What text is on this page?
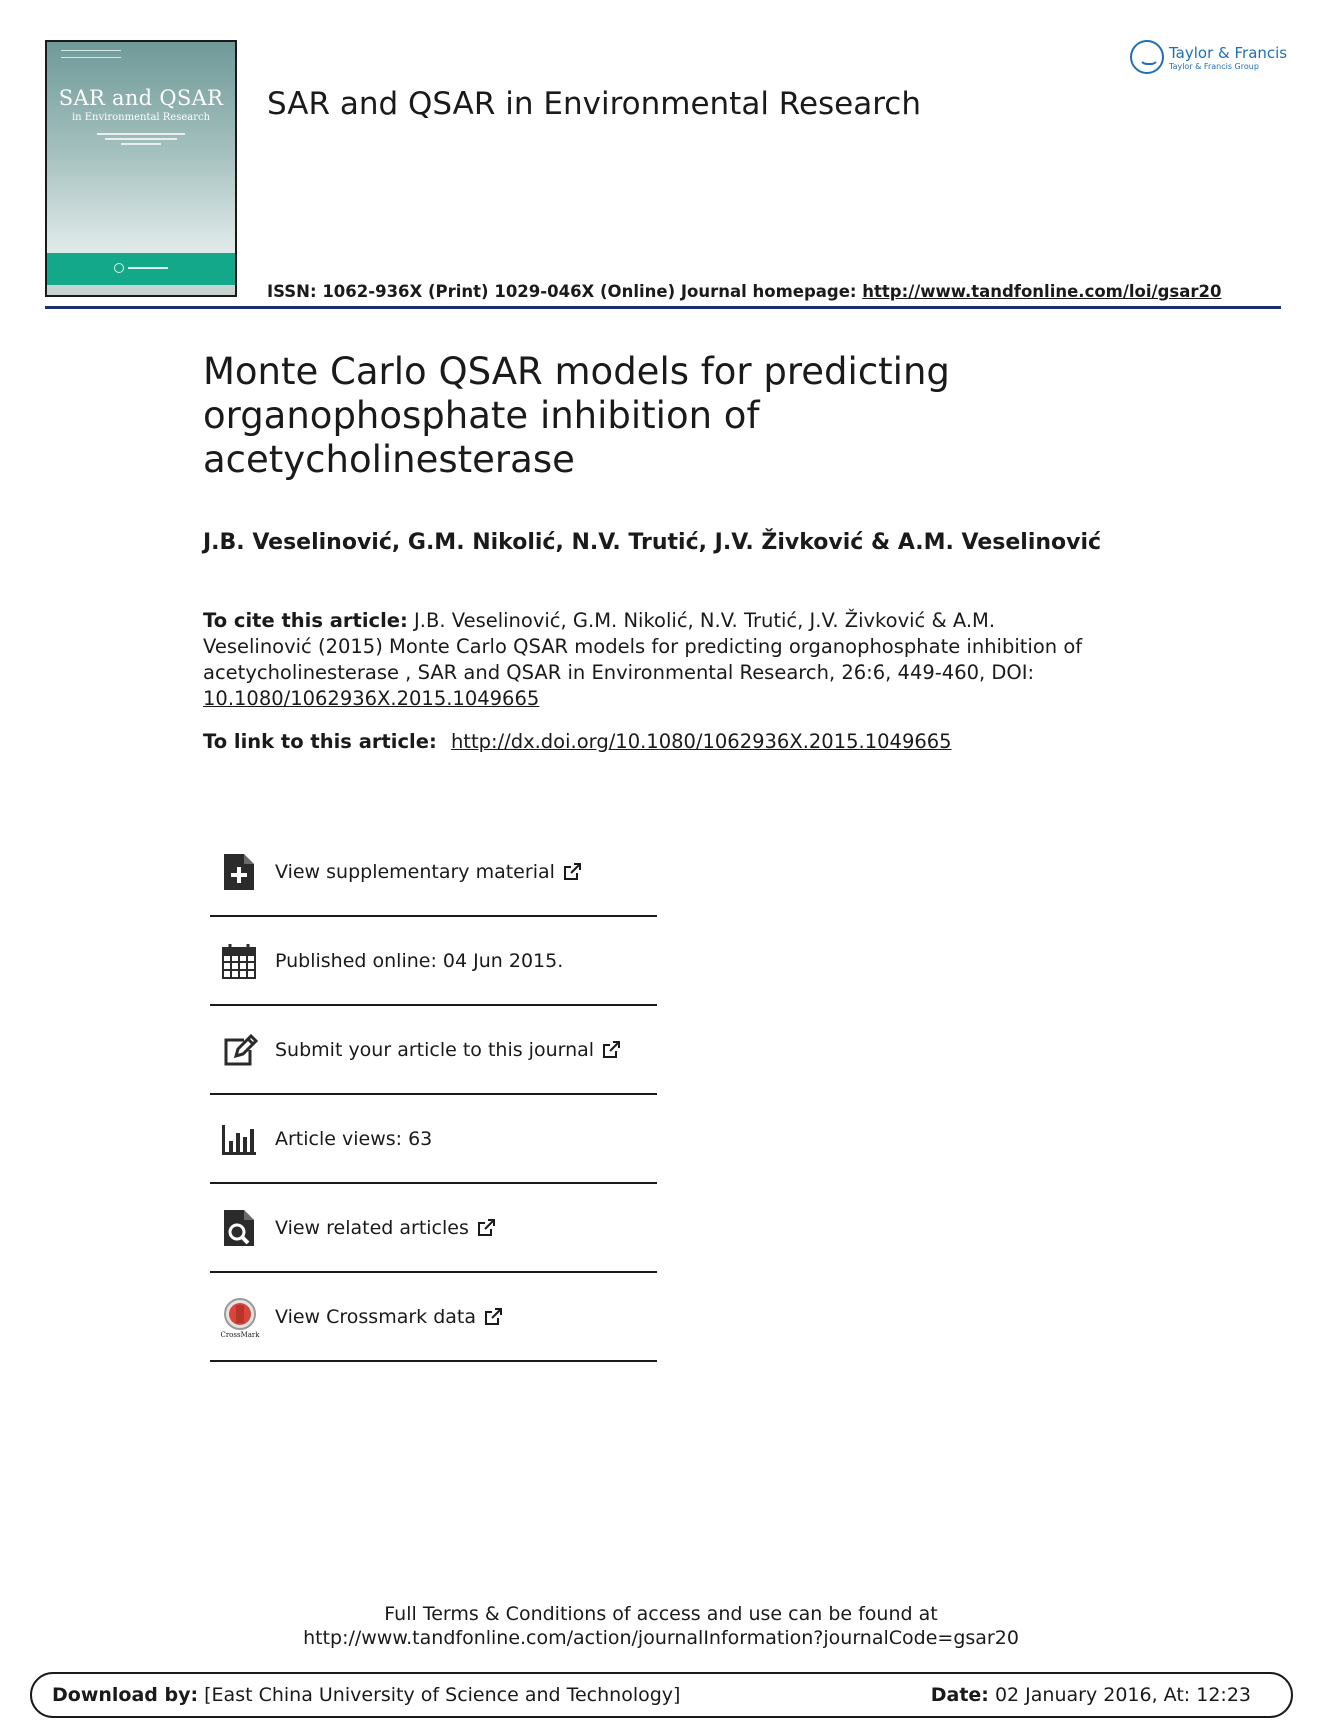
SAR and QSAR
in Environmental Research	SAR and QSAR in Environmental Research
Taylor & Francis
Taylor & Francis Group
ISSN: 1062-936X (Print) 1029-046X (Online) Journal homepage: http://www.tandfonline.com/loi/gsar20
Monte Carlo QSAR models for predicting organophosphate inhibition of acetycholinesterase
J.B. Veselinović, G.M. Nikolić, N.V. Trutić, J.V. Živković & A.M. Veselinović
To cite this article: J.B. Veselinović, G.M. Nikolić, N.V. Trutić, J.V. Živković & A.M. Veselinović (2015) Monte Carlo QSAR models for predicting organophosphate inhibition of acetycholinesterase , SAR and QSAR in Environmental Research, 26:6, 449-460, DOI:
10.1080/1062936X.2015.1049665
To link to this article: http://dx.doi.org/10.1080/1062936X.2015.1049665
View supplementary material
Published online: 04 Jun 2015.
Submit your article to this journal
Article views: 63
View related articles
CrossMark
View Crossmark data
Full Terms & Conditions of access and use can be found at
http://www.tandfonline.com/action/journalInformation?journalCode=gsar20
Download by: [East China University of Science and Technology]	Date: 02 January 2016, At: 12:23
